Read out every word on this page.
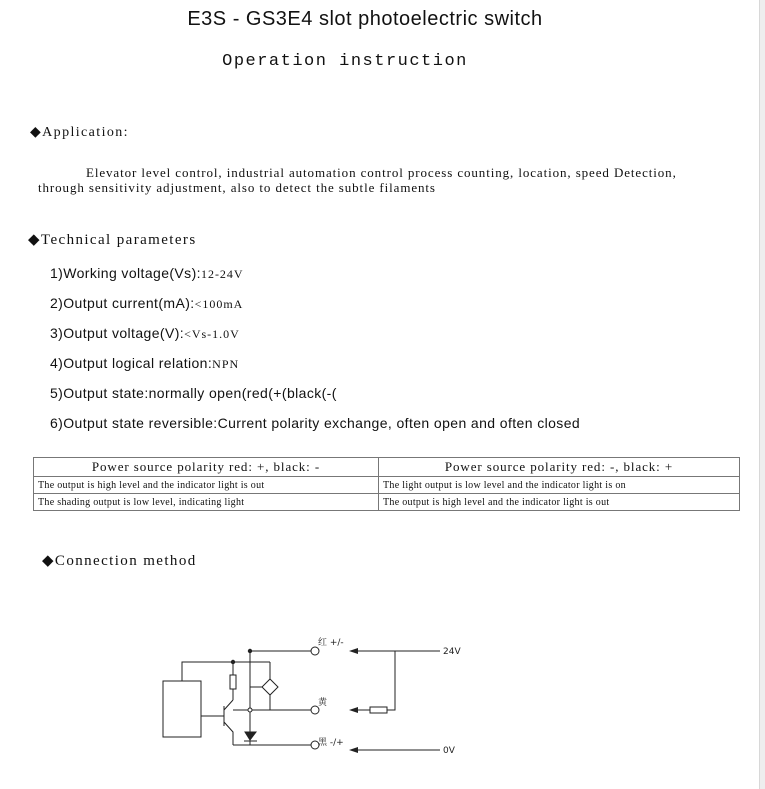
E3S - GS3E4 slot photoelectric switch
Operation instruction
◆Application:
Elevator level control, industrial automation control process counting, location, speed Detection, through sensitivity adjustment, also to detect the subtle filaments
◆Technical parameters
1)Working voltage(Vs):12-24V
2)Output current(mA):<100mA
3)Output voltage(V):<Vs-1.0V
4)Output logical relation:NPN
5)Output state:normally open(red(+(black(-(
6)Output state reversible:Current polarity exchange, often open and often closed
Power source polarity red: +, black: -	Power source polarity red: -, black: +
The output is high level and the indicator light is out	The light output is low level and the indicator light is on
The shading output is low level, indicating light	The output is high level and the indicator light is out
◆Connection method
红 +/-
黄
黑 -/+
24V
0V
